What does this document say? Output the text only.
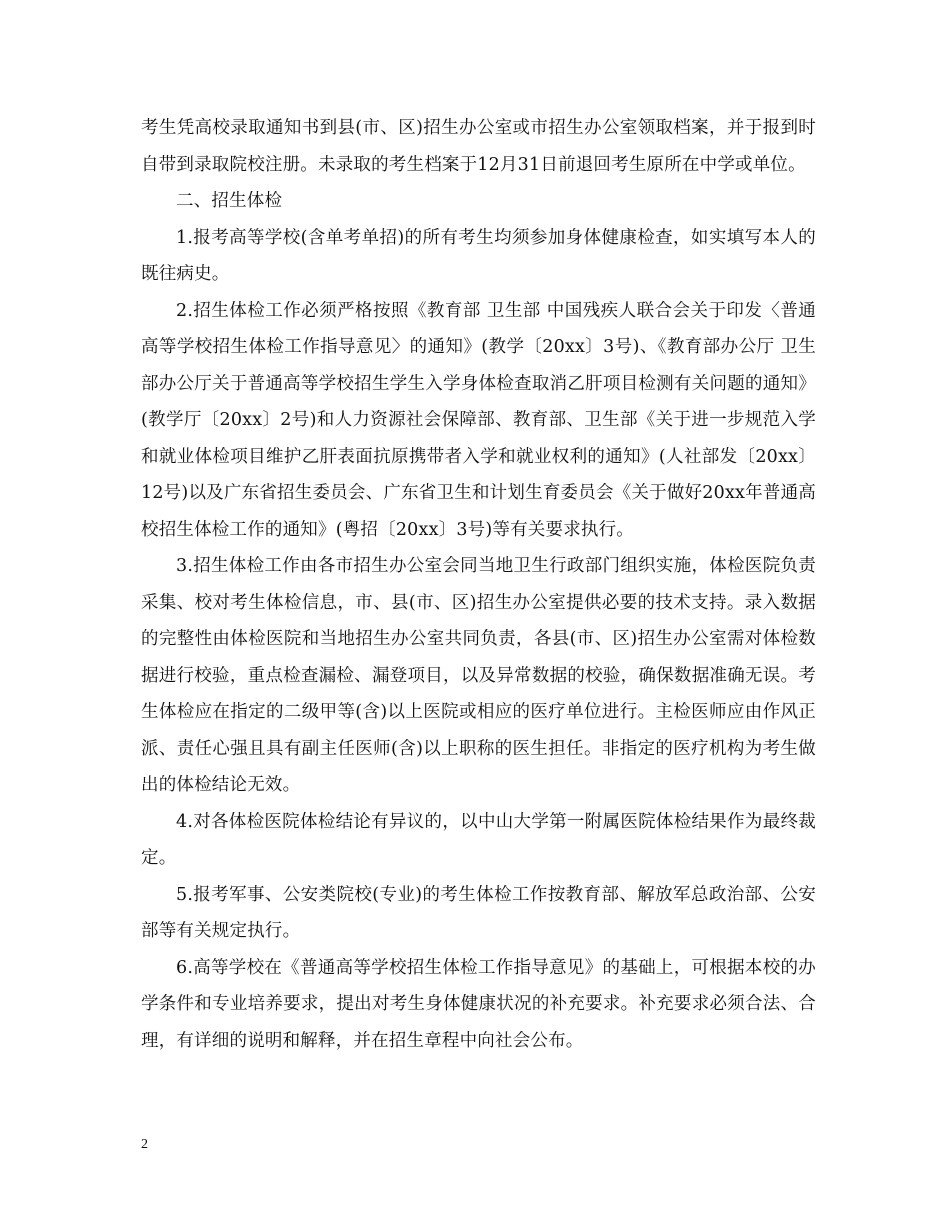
考生凭高校录取通知书到县(市、区)招生办公室或市招生办公室领取档案，并于报到时自带到录取院校注册。未录取的考生档案于12月31日前退回考生原所在中学或单位。

二、招生体检

1.报考高等学校(含单考单招)的所有考生均须参加身体健康检查，如实填写本人的既往病史。

2.招生体检工作必须严格按照《教育部 卫生部 中国残疾人联合会关于印发〈普通高等学校招生体检工作指导意见〉的通知》(教学〔20xx〕3号)、《教育部办公厅 卫生部办公厅关于普通高等学校招生学生入学身体检查取消乙肝项目检测有关问题的通知》(教学厅〔20xx〕2号)和人力资源社会保障部、教育部、卫生部《关于进一步规范入学和就业体检项目维护乙肝表面抗原携带者入学和就业权利的通知》(人社部发〔20xx〕12号)以及广东省招生委员会、广东省卫生和计划生育委员会《关于做好20xx年普通高校招生体检工作的通知》(粤招〔20xx〕3号)等有关要求执行。

3.招生体检工作由各市招生办公室会同当地卫生行政部门组织实施，体检医院负责采集、校对考生体检信息，市、县(市、区)招生办公室提供必要的技术支持。录入数据的完整性由体检医院和当地招生办公室共同负责，各县(市、区)招生办公室需对体检数据进行校验，重点检查漏检、漏登项目，以及异常数据的校验，确保数据准确无误。考生体检应在指定的二级甲等(含)以上医院或相应的医疗单位进行。主检医师应由作风正派、责任心强且具有副主任医师(含)以上职称的医生担任。非指定的医疗机构为考生做出的体检结论无效。

4.对各体检医院体检结论有异议的，以中山大学第一附属医院体检结果作为最终裁定。

5.报考军事、公安类院校(专业)的考生体检工作按教育部、解放军总政治部、公安部等有关规定执行。

6.高等学校在《普通高等学校招生体检工作指导意见》的基础上，可根据本校的办学条件和专业培养要求，提出对考生身体健康状况的补充要求。补充要求必须合法、合理，有详细的说明和解释，并在招生章程中向社会公布。

2
